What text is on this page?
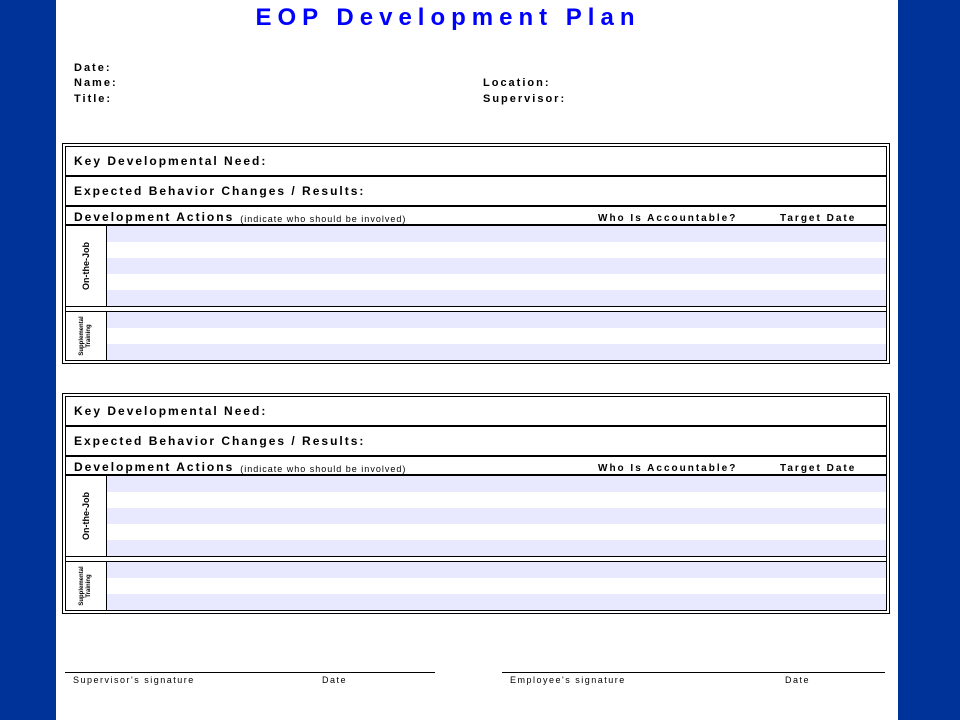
EOP Development Plan
Date:
Name:
Title:
Location:
Supervisor:
Key Developmental Need:
Expected Behavior Changes / Results:
Development Actions (indicate who should be involved)	Who Is Accountable?	Target Date
On-the-Job
Supplemental Training
Key Developmental Need:
Expected Behavior Changes / Results:
Development Actions (indicate who should be involved)	Who Is Accountable?	Target Date
On-the-Job
Supplemental Training
Supervisor's signature	Date	Employee's signature	Date
